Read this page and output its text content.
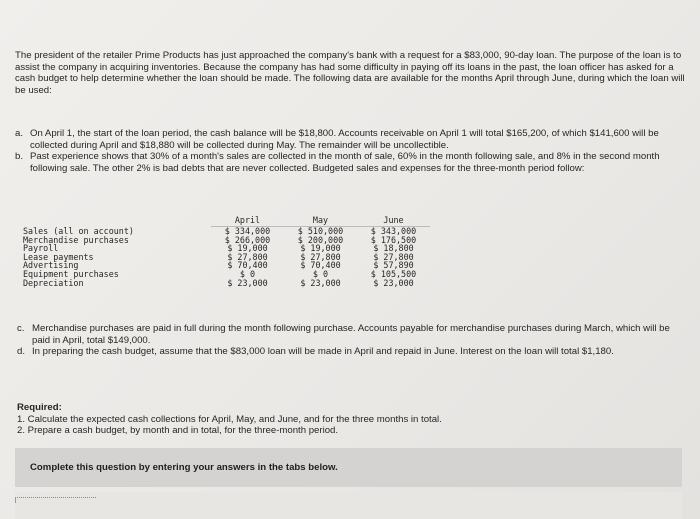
The president of the retailer Prime Products has just approached the company's bank with a request for a $83,000, 90-day loan. The purpose of the loan is to assist the company in acquiring inventories. Because the company has had some difficulty in paying off its loans in the past, the loan officer has asked for a cash budget to help determine whether the loan should be made. The following data are available for the months April through June, during which the loan will be used:

a. On April 1, the start of the loan period, the cash balance will be $18,800. Accounts receivable on April 1 will total $165,200, of which $141,600 will be collected during April and $18,880 will be collected during May. The remainder will be uncollectible.
b. Past experience shows that 30% of a month's sales are collected in the month of sale, 60% in the month following sale, and 8% in the second month following sale. The other 2% is bad debts that are never collected. Budgeted sales and expenses for the three-month period follow:
	April	May	June
Sales (all on account)	$ 334,000	$ 510,000	$ 343,000
Merchandise purchases	$ 266,000	$ 200,000	$ 176,500
Payroll	$ 19,000	$ 19,000	$ 18,800
Lease payments	$ 27,800	$ 27,800	$ 27,800
Advertising	$ 70,400	$ 70,400	$ 57,890
Equipment purchases	$ 0	$ 0	$ 105,500
Depreciation	$ 23,000	$ 23,000	$ 23,000
c. Merchandise purchases are paid in full during the month following purchase. Accounts payable for merchandise purchases during March, which will be paid in April, total $149,000.
d. In preparing the cash budget, assume that the $83,000 loan will be made in April and repaid in June. Interest on the loan will total $1,180.
Required:
1. Calculate the expected cash collections for April, May, and June, and for the three months in total.
2. Prepare a cash budget, by month and in total, for the three-month period.
Complete this question by entering your answers in the tabs below.
